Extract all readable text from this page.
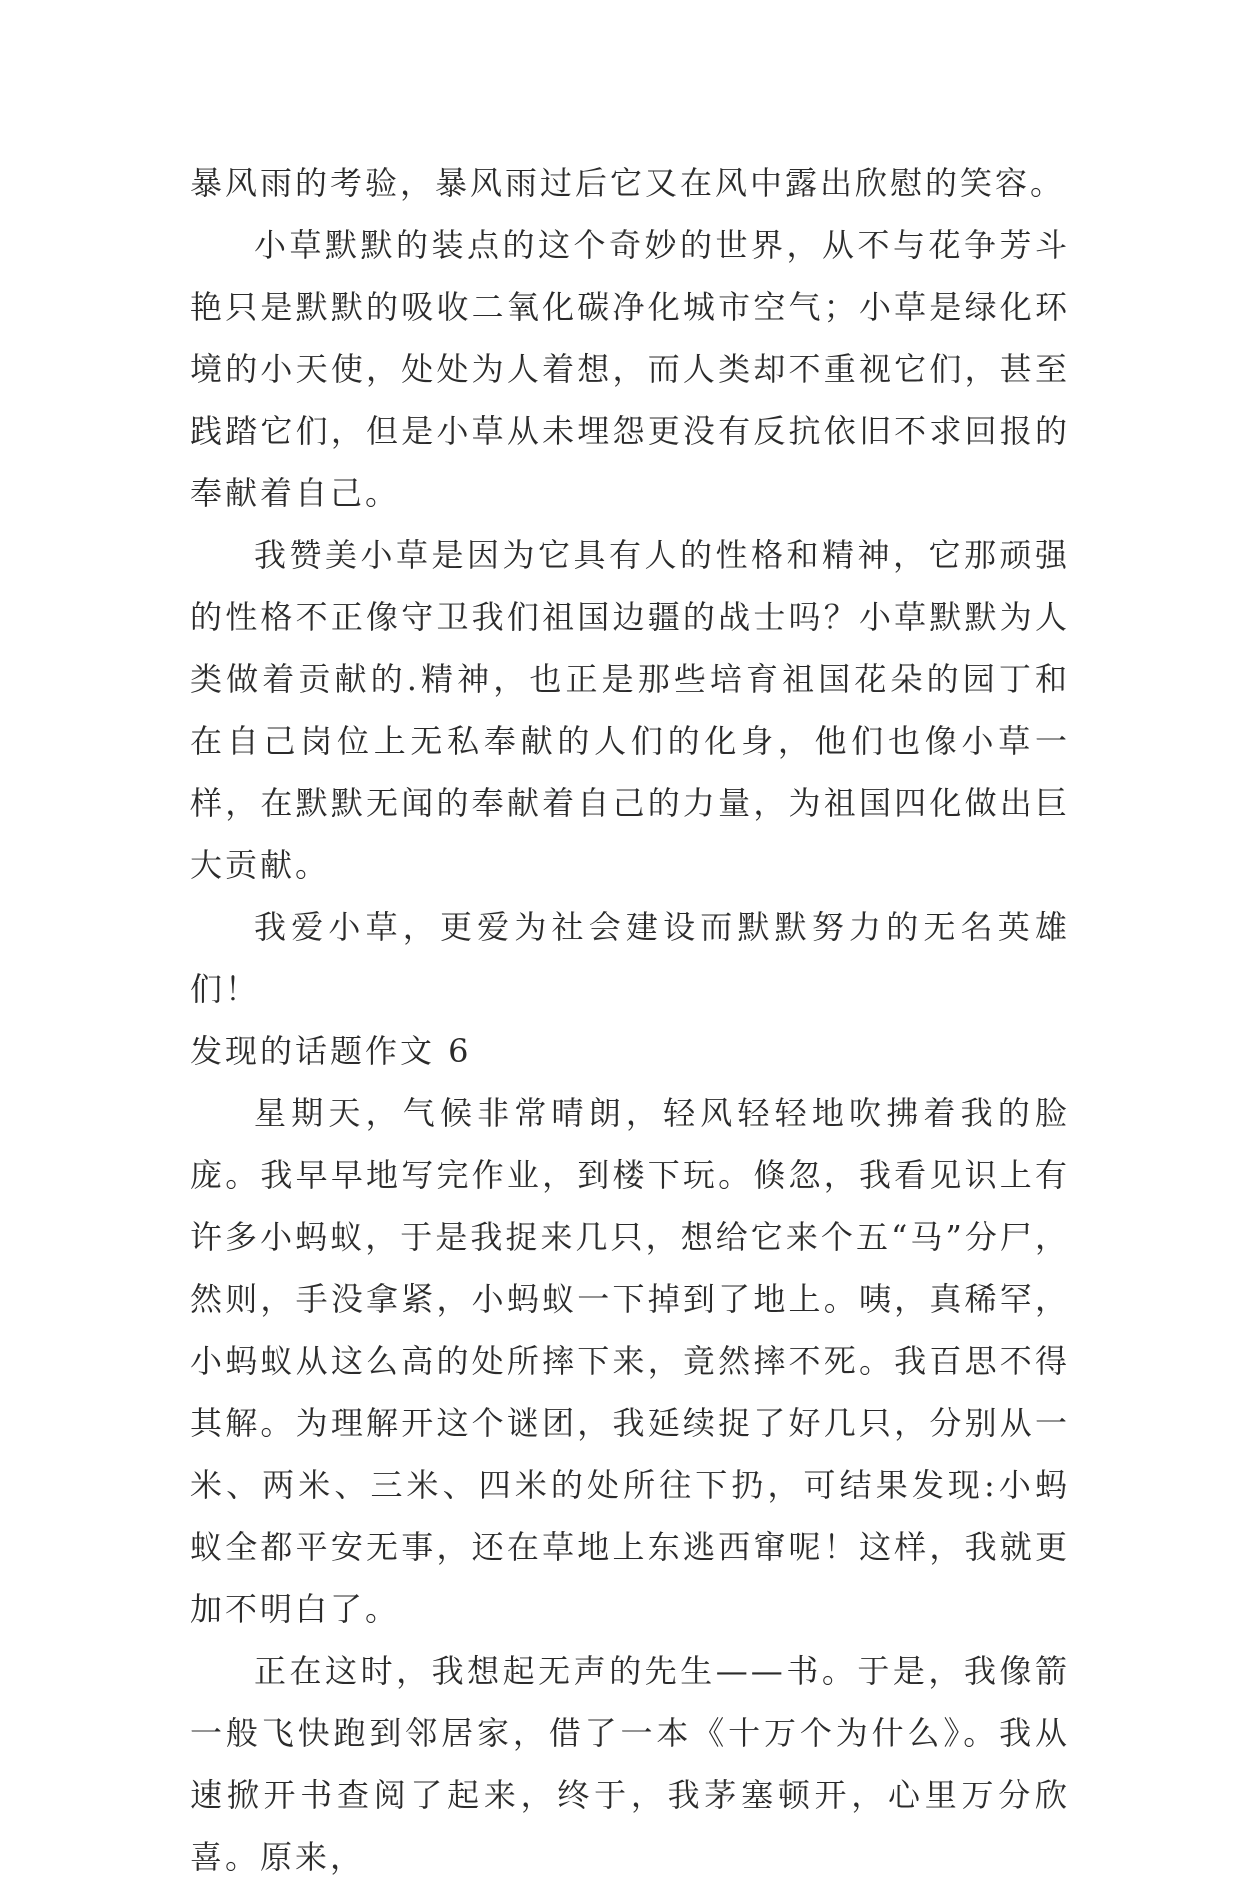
暴风雨的考验，暴风雨过后它又在风中露出欣慰的笑容。

小草默默的装点的这个奇妙的世界，从不与花争芳斗艳只是默默的吸收二氧化碳净化城市空气；小草是绿化环境的小天使，处处为人着想，而人类却不重视它们，甚至践踏它们，但是小草从未埋怨更没有反抗依旧不求回报的奉献着自己。

我赞美小草是因为它具有人的性格和精神，它那顽强的性格不正像守卫我们祖国边疆的战士吗？小草默默为人类做着贡献的.精神，也正是那些培育祖国花朵的园丁和在自己岗位上无私奉献的人们的化身，他们也像小草一样，在默默无闻的奉献着自己的力量，为祖国四化做出巨大贡献。

我爱小草，更爱为社会建设而默默努力的无名英雄们！

发现的话题作文 6

星期天，气候非常晴朗，轻风轻轻地吹拂着我的脸庞。我早早地写完作业，到楼下玩。倏忽，我看见识上有许多小蚂蚁，于是我捉来几只，想给它来个五“马”分尸，然则，手没拿紧，小蚂蚁一下掉到了地上。咦，真稀罕，小蚂蚁从这么高的处所摔下来，竟然摔不死。我百思不得其解。为理解开这个谜团，我延续捉了好几只，分别从一米、两米、三米、四米的处所往下扔，可结果发现:小蚂蚁全都平安无事，还在草地上东逃西窜呢！这样，我就更加不明白了。

正在这时，我想起无声的先生——书。于是，我像箭一般飞快跑到邻居家，借了一本《十万个为什么》。我从速掀开书查阅了起来，终于，我茅塞顿开，心里万分欣喜。原来，
